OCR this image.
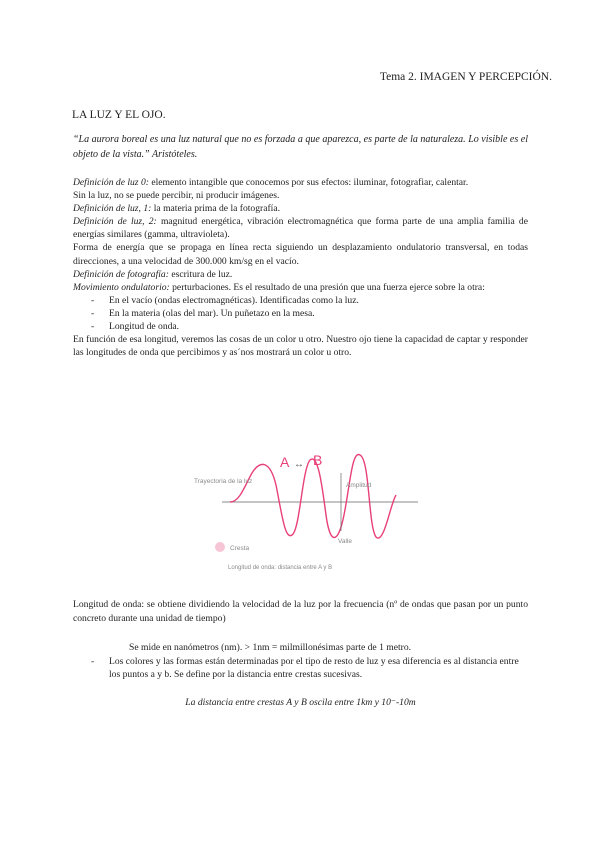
Tema 2. IMAGEN Y PERCEPCIÓN.
LA LUZ Y EL OJO.
“La aurora boreal es una luz natural que no es forzada a que aparezca, es parte de la naturaleza. Lo visible es el objeto de la vista.” Aristóteles.

Definición de luz 0: elemento intangible que conocemos por sus efectos: iluminar, fotografiar, calentar.

Sin la luz, no se puede percibir, ni producir imágenes.

Definición de luz, 1: la materia prima de la fotografía.

Definición de luz, 2: magnitud energética, vibración electromagnética que forma parte de una amplia familia de energías similares (gamma, ultravioleta).

Forma de energía que se propaga en línea recta siguiendo un desplazamiento ondulatorio transversal, en todas direcciones, a una velocidad de 300.000 km/sg en el vacío.

Definición de fotografía: escritura de luz.

Movimiento ondulatorio: perturbaciones. Es el resultado de una presión que una fuerza ejerce sobre la otra:

- En el vacío (ondas electromagnéticas). Identificadas como la luz.
- En la materia (olas del mar). Un puñetazo en la mesa.
- Longitud de onda.

En función de esa longitud, veremos las cosas de un color u otro. Nuestro ojo tiene la capacidad de captar y responder las longitudes de onda que percibimos y as´nos mostrará un color u otro.

A ↔ B
Trayectoria de la luz
Amplitud
Valle
Cresta
Longitud de onda: distancia entre A y B

Longitud de onda: se obtiene dividiendo la velocidad de la luz por la frecuencia (nº de ondas que pasan por un punto concreto durante una unidad de tiempo)

Se mide en nanómetros (nm). > 1nm = milmillonésimas parte de 1 metro.

- Los colores y las formas están determinadas por el tipo de resto de luz y esa diferencia es al distancia entre los puntos a y b. Se define por la distancia entre crestas sucesivas.

La distancia entre crestas A y B oscila entre 1km y 10⁻-10m
